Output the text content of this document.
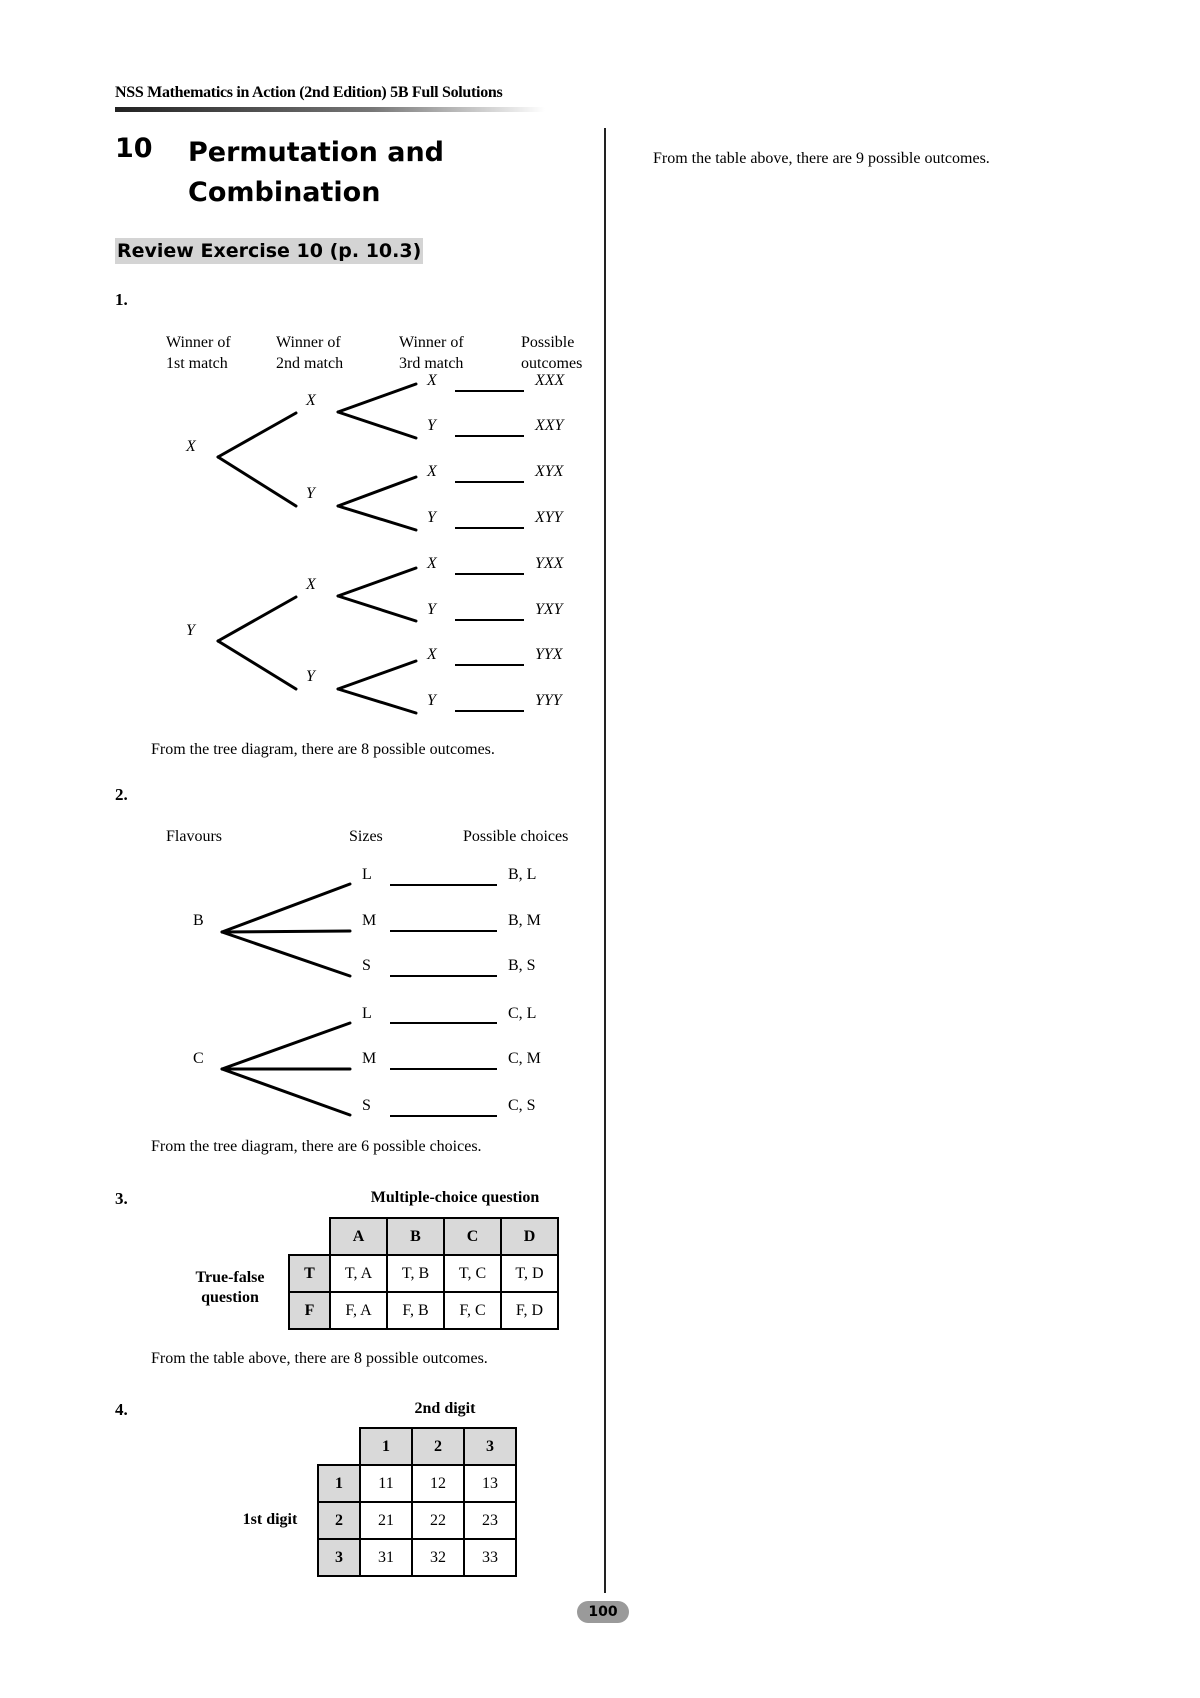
NSS Mathematics in Action (2nd Edition) 5B Full Solutions
10 Permutation and
Combination
Review Exercise 10 (p. 10.3)
1.
Winner of
1st match
Winner of
2nd match
Winner of
3rd match
Possible
outcomes
X
Y
X
Y
X
Y
X
Y
X
Y
X
Y
X
Y
XXX
XXY
XYX
XYY
YXX
YXY
YYX
YYY
From the tree diagram, there are 8 possible outcomes.
2.
Flavours	Sizes	Possible choices
B
C
L
M
S
L
M
S
B, L
B, M
B, S
C, L
C, M
C, S
From the tree diagram, there are 6 possible choices.
3.	Multiple-choice question
True-false
question
	A	B	C	D
T	T, A	T, B	T, C	T, D
F	F, A	F, B	F, C	F, D
From the table above, there are 8 possible outcomes.
4.	2nd digit
1st digit
	1	2	3
1	11	12	13
2	21	22	23
3	31	32	33
From the table above, there are 9 possible outcomes.
100
